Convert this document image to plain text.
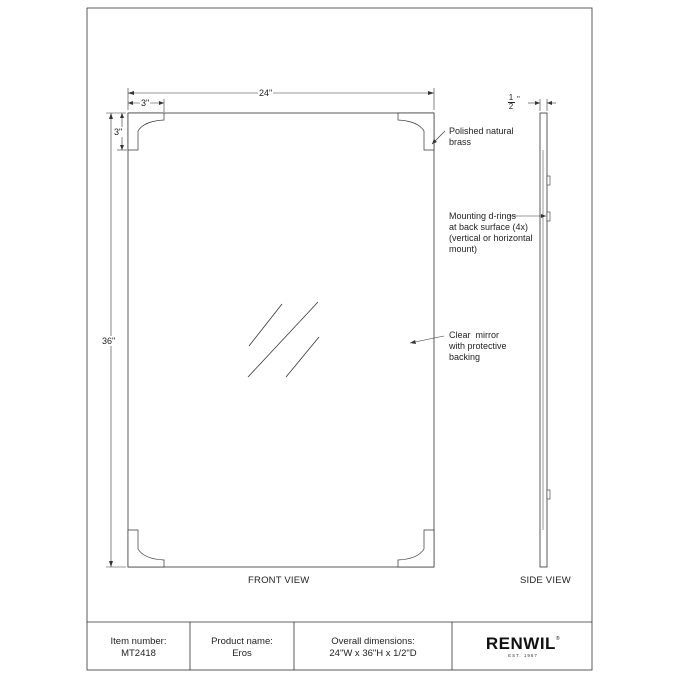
24"
3"
3"
36"
1
2
"
Polished natural
brass
Mounting d-rings
at back surface (4x)
(vertical or horizontal
mount)
Clear  mirror
with protective
backing
FRONT VIEW	SIDE VIEW
Item number:
MT2418
Product name:
Eros
Overall dimensions:
24"W x 36"H x 1/2"D
RENWIL®
EST. 1967
